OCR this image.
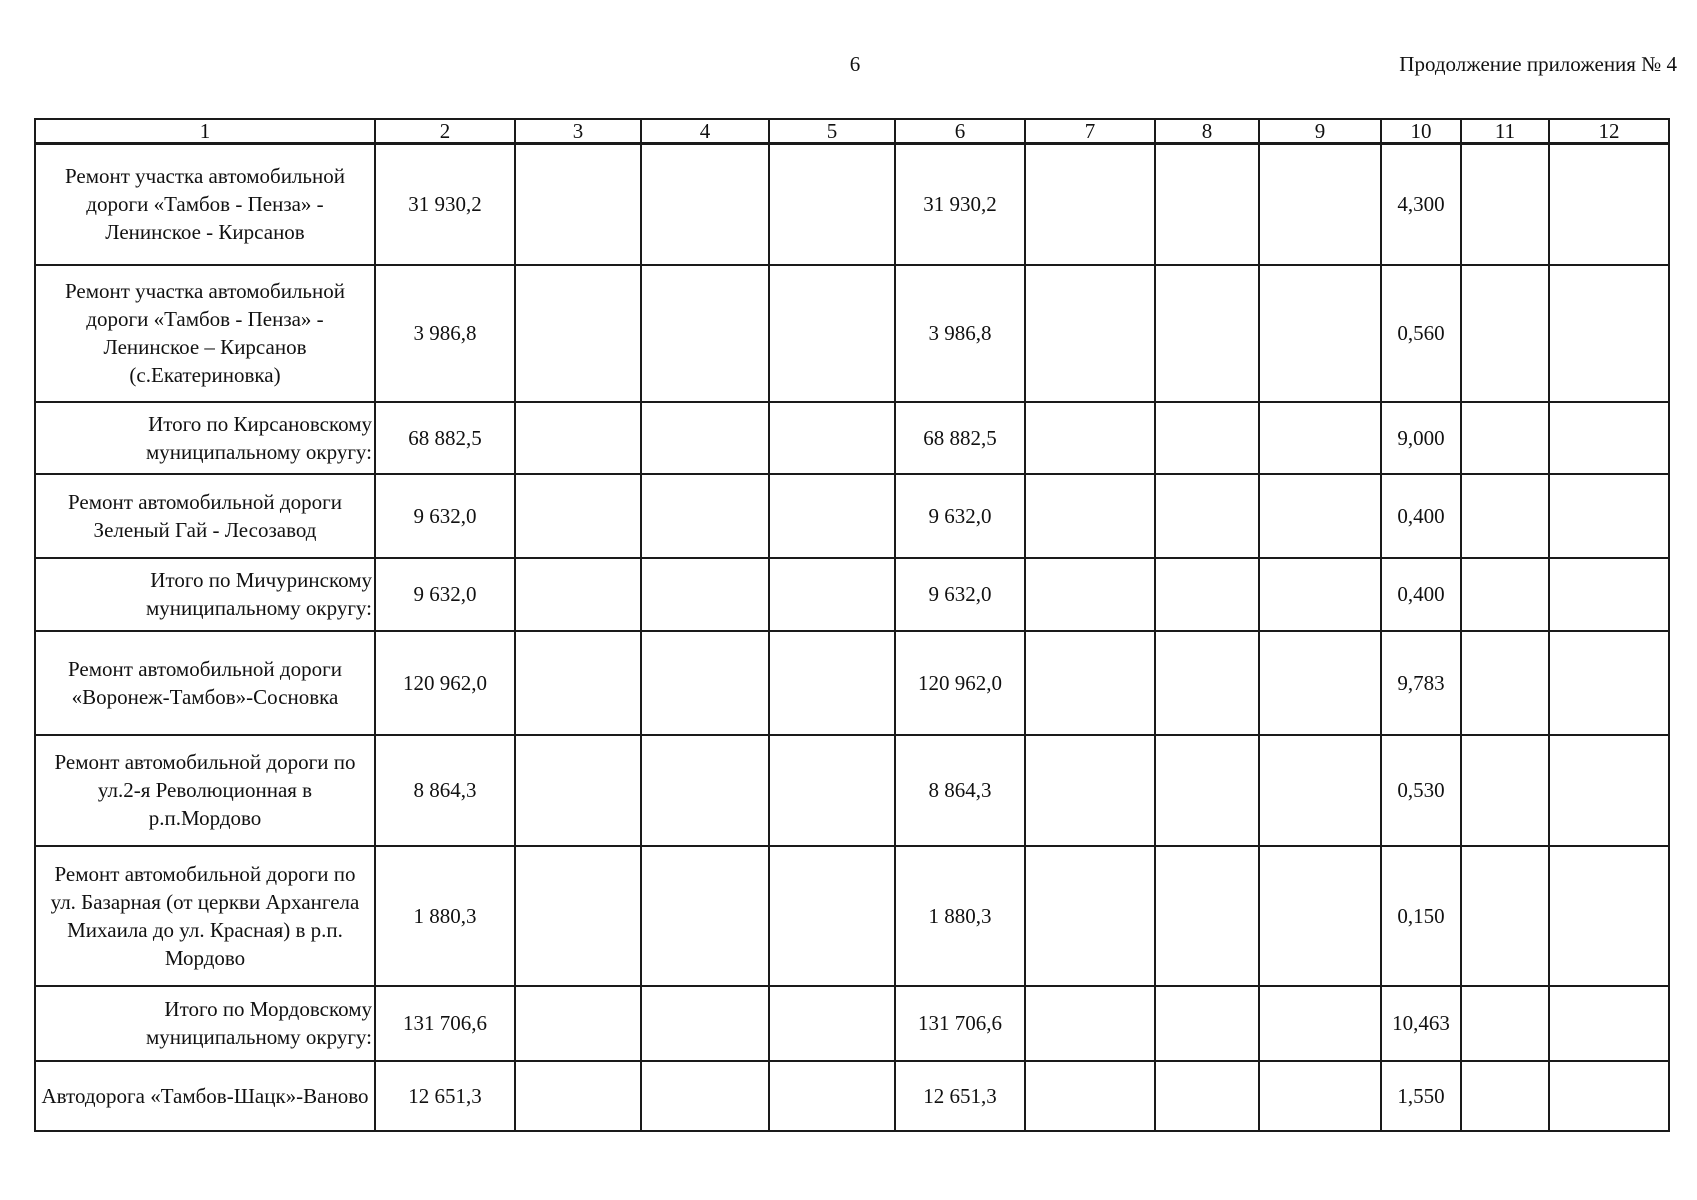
6	Продолжение приложения № 4
1	2	3	4	5	6	7	8	9	10	11	12
Ремонт участка автомобильной дороги «Тамбов - Пенза» - Ленинское - Кирсанов	31 930,2				31 930,2				4,300		
Ремонт участка автомобильной дороги «Тамбов - Пенза» - Ленинское – Кирсанов (с.Екатериновка)	3 986,8				3 986,8				0,560		
Итого по Кирсановскому муниципальному округу:	68 882,5				68 882,5				9,000		
Ремонт автомобильной дороги Зеленый Гай - Лесозавод	9 632,0				9 632,0				0,400		
Итого по Мичуринскому муниципальному округу:	9 632,0				9 632,0				0,400		
Ремонт автомобильной дороги «Воронеж-Тамбов»-Сосновка	120 962,0				120 962,0				9,783		
Ремонт автомобильной дороги по ул.2-я Революционная в р.п.Мордово	8 864,3				8 864,3				0,530		
Ремонт автомобильной дороги по ул. Базарная (от церкви Архангела Михаила до ул. Красная) в р.п. Мордово	1 880,3				1 880,3				0,150		
Итого по Мордовскому муниципальному округу:	131 706,6				131 706,6				10,463		
Автодорога «Тамбов-Шацк»-Ваново	12 651,3				12 651,3				1,550		
